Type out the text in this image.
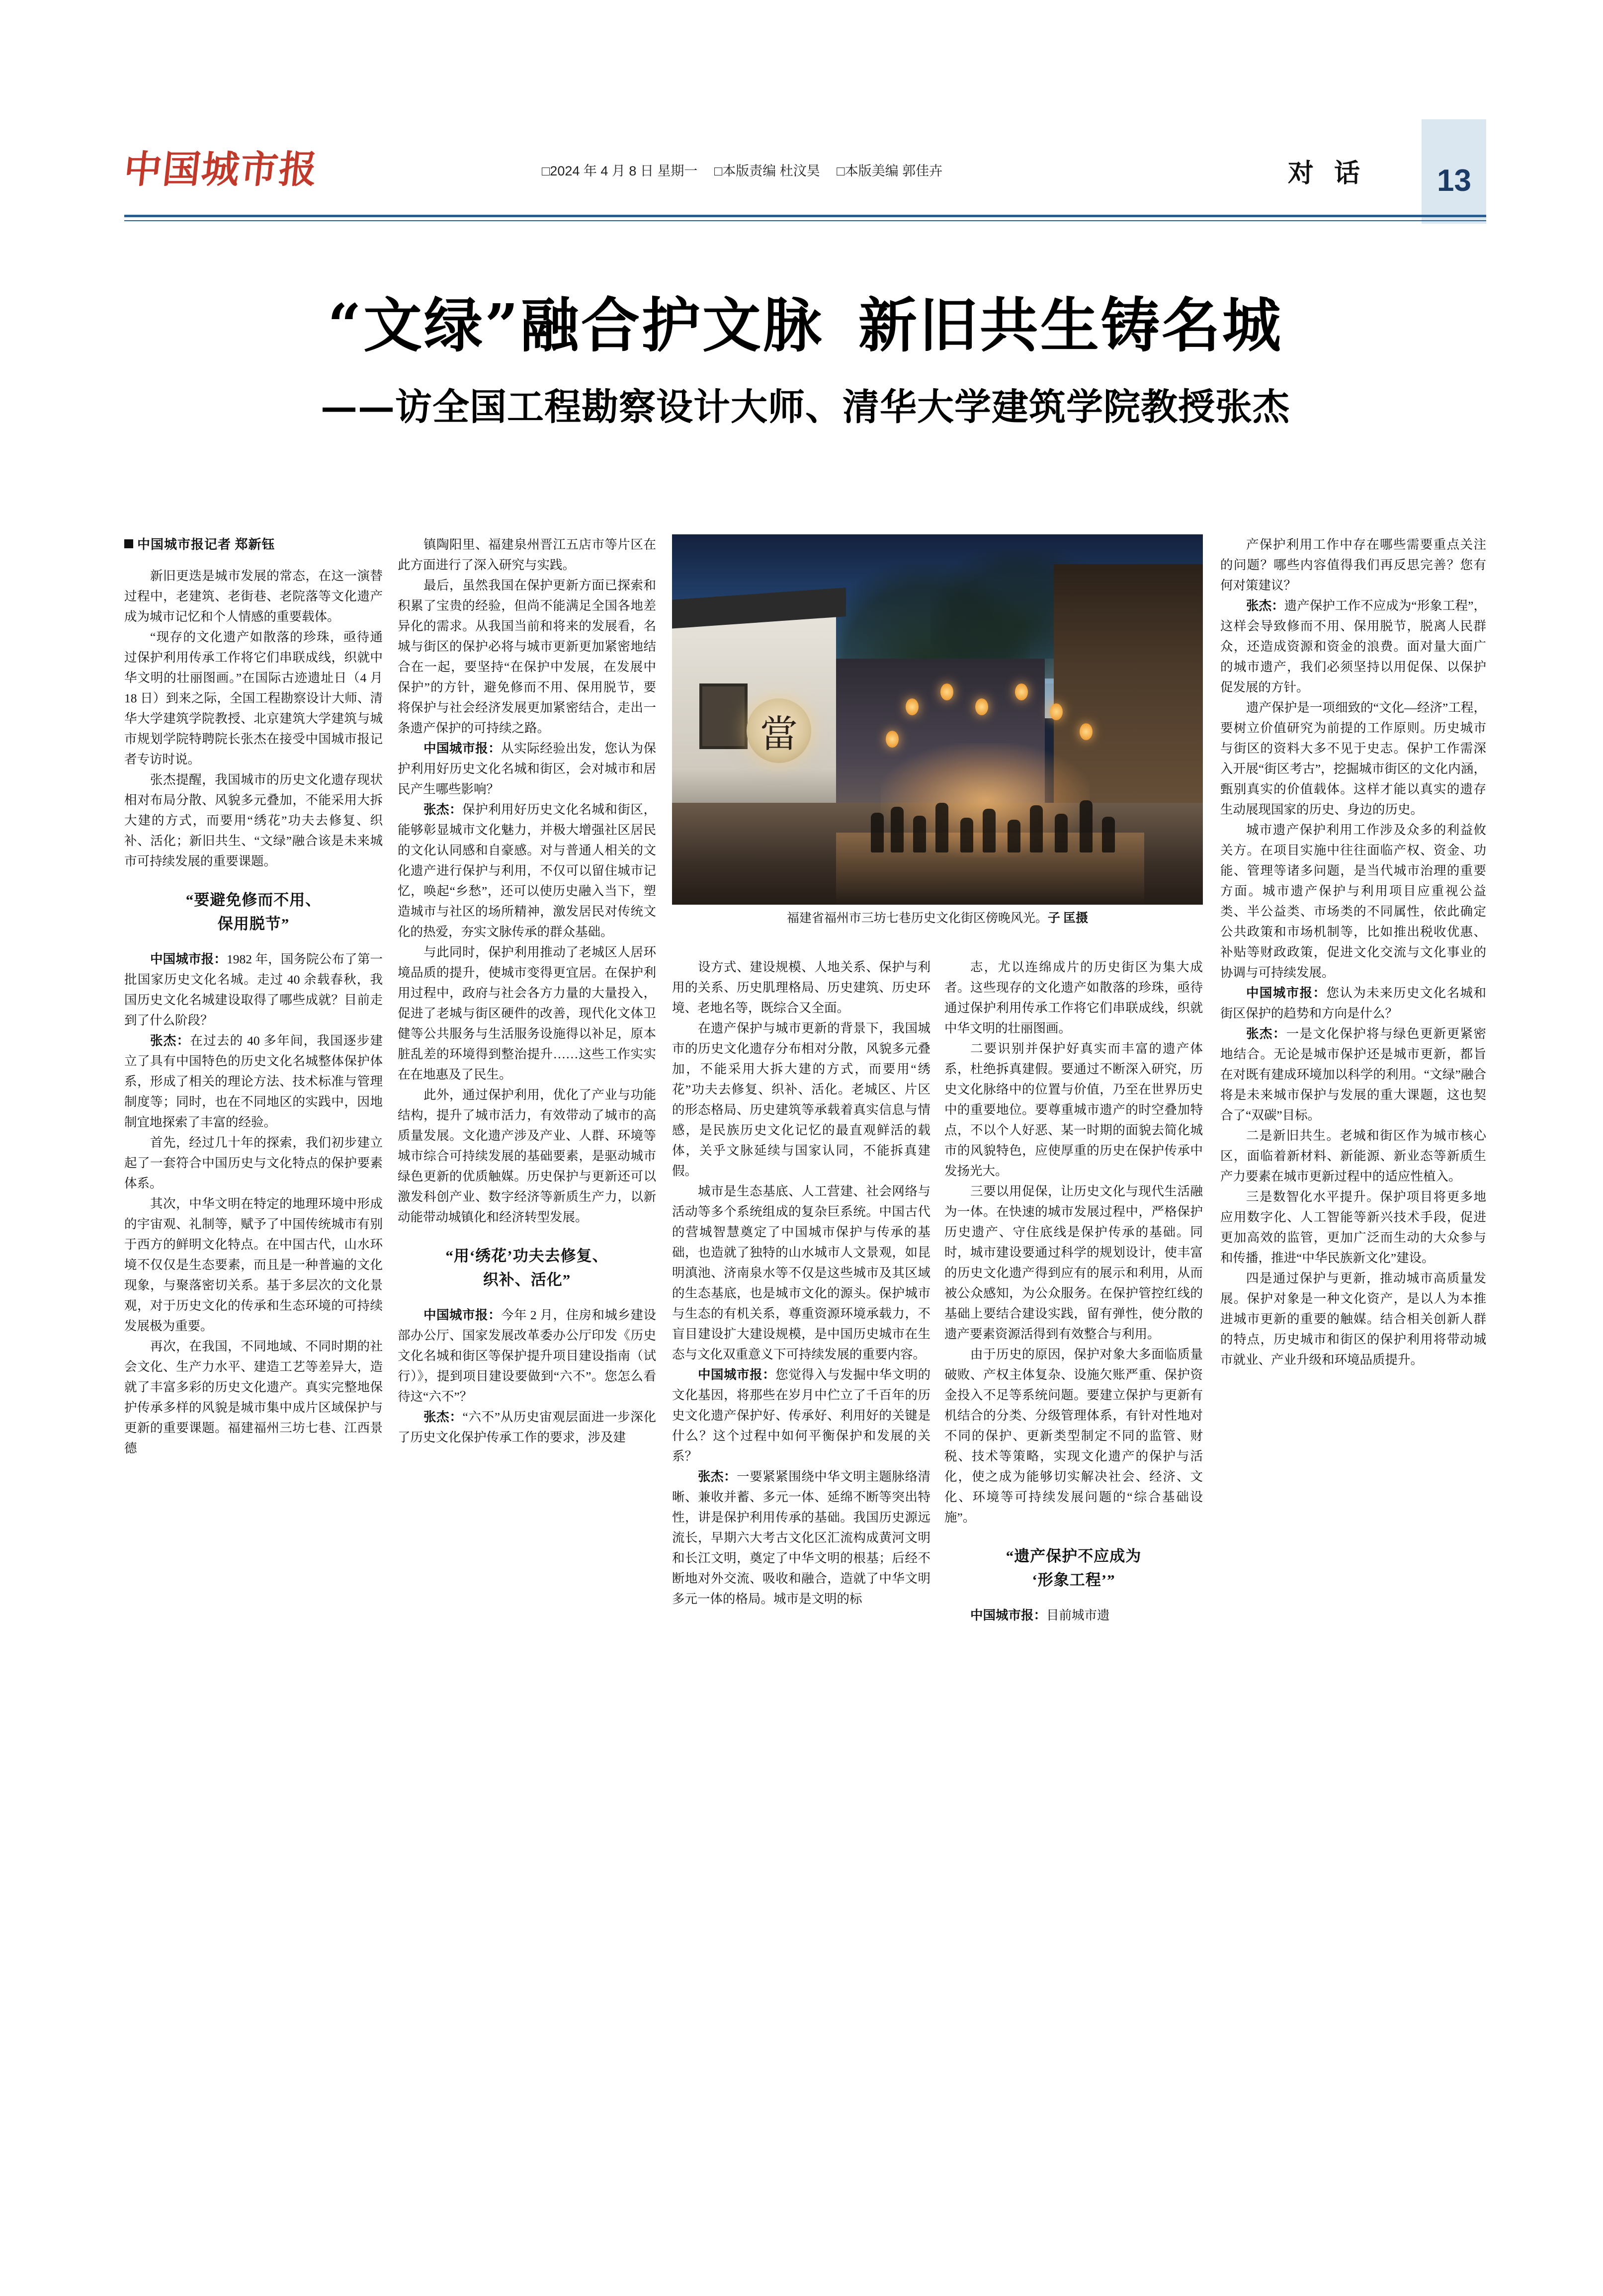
中国城市报	□2024 年 4 月 8 日 星期一 □本版责编 杜汶昊 □本版美编 郭佳卉	对 话 13
“文绿”融合护文脉 新旧共生铸名城
——访全国工程勘察设计大师、清华大学建筑学院教授张杰
當
福建省福州市三坊七巷历史文化街区傍晚风光。子 匡摄
中国城市报记者 郑新钰

新旧更迭是城市发展的常态，在这一演替过程中，老建筑、老街巷、老院落等文化遗产成为城市记忆和个人情感的重要载体。

“现存的文化遗产如散落的珍珠，亟待通过保护利用传承工作将它们串联成线，织就中华文明的壮丽图画。”在国际古迹遗址日（4 月 18 日）到来之际，全国工程勘察设计大师、清华大学建筑学院教授、北京建筑大学建筑与城市规划学院特聘院长张杰在接受中国城市报记者专访时说。

张杰提醒，我国城市的历史文化遗存现状相对布局分散、风貌多元叠加，不能采用大拆大建的方式，而要用“绣花”功夫去修复、织补、活化；新旧共生、“文绿”融合该是未来城市可持续发展的重要课题。

“要避免修而不用、
保用脱节”

中国城市报：1982 年，国务院公布了第一批国家历史文化名城。走过 40 余载春秋，我国历史文化名城建设取得了哪些成就？目前走到了什么阶段？

张杰：在过去的 40 多年间，我国逐步建立了具有中国特色的历史文化名城整体保护体系，形成了相关的理论方法、技术标准与管理制度等；同时，也在不同地区的实践中，因地制宜地探索了丰富的经验。

首先，经过几十年的探索，我们初步建立起了一套符合中国历史与文化特点的保护要素体系。

其次，中华文明在特定的地理环境中形成的宇宙观、礼制等，赋予了中国传统城市有别于西方的鲜明文化特点。在中国古代，山水环境不仅仅是生态要素，而且是一种普遍的文化现象，与聚落密切关系。基于多层次的文化景观，对于历史文化的传承和生态环境的可持续发展极为重要。

再次，在我国，不同地域、不同时期的社会文化、生产力水平、建造工艺等差异大，造就了丰富多彩的历史文化遗产。真实完整地保护传承多样的风貌是城市集中成片区域保护与更新的重要课题。福建福州三坊七巷、江西景德

镇陶阳里、福建泉州晋江五店市等片区在此方面进行了深入研究与实践。

最后，虽然我国在保护更新方面已探索和积累了宝贵的经验，但尚不能满足全国各地差异化的需求。从我国当前和将来的发展看，名城与街区的保护必将与城市更新更加紧密地结合在一起，要坚持“在保护中发展，在发展中保护”的方针，避免修而不用、保用脱节，要将保护与社会经济发展更加紧密结合，走出一条遗产保护的可持续之路。

中国城市报：从实际经验出发，您认为保护利用好历史文化名城和街区，会对城市和居民产生哪些影响？

张杰：保护利用好历史文化名城和街区，能够彰显城市文化魅力，并极大增强社区居民的文化认同感和自豪感。对与普通人相关的文化遗产进行保护与利用，不仅可以留住城市记忆，唤起“乡愁”，还可以使历史融入当下，塑造城市与社区的场所精神，激发居民对传统文化的热爱，夯实文脉传承的群众基础。

与此同时，保护利用推动了老城区人居环境品质的提升，使城市变得更宜居。在保护利用过程中，政府与社会各方力量的大量投入，促进了老城与街区硬件的改善，现代化文体卫健等公共服务与生活服务设施得以补足，原本脏乱差的环境得到整治提升……这些工作实实在在地惠及了民生。

此外，通过保护利用，优化了产业与功能结构，提升了城市活力，有效带动了城市的高质量发展。文化遗产涉及产业、人群、环境等城市综合可持续发展的基础要素，是驱动城市绿色更新的优质触媒。历史保护与更新还可以激发科创产业、数字经济等新质生产力，以新动能带动城镇化和经济转型发展。

“用‘绣花’功夫去修复、
织补、活化”

中国城市报：今年 2 月，住房和城乡建设部办公厅、国家发展改革委办公厅印发《历史文化名城和街区等保护提升项目建设指南（试行）》，提到项目建设要做到“六不”。您怎么看待这“六不”？

张杰：“六不”从历史宙观层面进一步深化了历史文化保护传承工作的要求，涉及建

设方式、建设规模、人地关系、保护与利用的关系、历史肌理格局、历史建筑、历史环境、老地名等，既综合又全面。

在遗产保护与城市更新的背景下，我国城市的历史文化遗存分布相对分散，风貌多元叠加，不能采用大拆大建的方式，而要用“绣花”功夫去修复、织补、活化。老城区、片区的形态格局、历史建筑等承载着真实信息与情感，是民族历史文化记忆的最直观鲜活的载体，关乎文脉延续与国家认同，不能拆真建假。

城市是生态基底、人工营建、社会网络与活动等多个系统组成的复杂巨系统。中国古代的营城智慧奠定了中国城市保护与传承的基础，也造就了独特的山水城市人文景观，如昆明滇池、济南泉水等不仅是这些城市及其区域的生态基底，也是城市文化的源头。保护城市与生态的有机关系，尊重资源环境承载力，不盲目建设扩大建设规模，是中国历史城市在生态与文化双重意义下可持续发展的重要内容。

中国城市报：您觉得入与发掘中华文明的文化基因，将那些在岁月中伫立了千百年的历史文化遗产保护好、传承好、利用好的关键是什么？这个过程中如何平衡保护和发展的关系？

张杰：一要紧紧围绕中华文明主题脉络清晰、兼收并蓄、多元一体、延绵不断等突出特性，讲是保护利用传承的基础。我国历史源远流长，早期六大考古文化区汇流构成黄河文明和长江文明，奠定了中华文明的根基；后经不断地对外交流、吸收和融合，造就了中华文明多元一体的格局。城市是文明的标

志，尤以连绵成片的历史街区为集大成者。这些现存的文化遗产如散落的珍珠，亟待通过保护利用传承工作将它们串联成线，织就中华文明的壮丽图画。

二要识别并保护好真实而丰富的遗产体系，杜绝拆真建假。要通过不断深入研究，历史文化脉络中的位置与价值，乃至在世界历史中的重要地位。要尊重城市遗产的时空叠加特点，不以个人好恶、某一时期的面貌去简化城市的风貌特色，应使厚重的历史在保护传承中发扬光大。

三要以用促保，让历史文化与现代生活融为一体。在快速的城市发展过程中，严格保护历史遗产、守住底线是保护传承的基础。同时，城市建设要通过科学的规划设计，使丰富的历史文化遗产得到应有的展示和利用，从而被公众感知，为公众服务。在保护管控红线的基础上要结合建设实践，留有弹性，使分散的遗产要素资源活得到有效整合与利用。

由于历史的原因，保护对象大多面临质量破败、产权主体复杂、设施欠账严重、保护资金投入不足等系统问题。要建立保护与更新有机结合的分类、分级管理体系，有针对性地对不同的保护、更新类型制定不同的监管、财税、技术等策略，实现文化遗产的保护与活化，使之成为能够切实解决社会、经济、文化、环境等可持续发展问题的“综合基础设施”。

“遗产保护不应成为
‘形象工程’”

中国城市报：目前城市遗

产保护利用工作中存在哪些需要重点关注的问题？哪些内容值得我们再反思完善？您有何对策建议？

张杰：遗产保护工作不应成为“形象工程”，这样会导致修而不用、保用脱节，脱离人民群众，还造成资源和资金的浪费。面对量大面广的城市遗产，我们必须坚持以用促保、以保护促发展的方针。

遗产保护是一项细致的“文化—经济”工程，要树立价值研究为前提的工作原则。历史城市与街区的资料大多不见于史志。保护工作需深入开展“街区考古”，挖掘城市街区的文化内涵，甄别真实的价值载体。这样才能以真实的遗存生动展现国家的历史、身边的历史。

城市遗产保护利用工作涉及众多的利益攸关方。在项目实施中往往面临产权、资金、功能、管理等诸多问题，是当代城市治理的重要方面。城市遗产保护与利用项目应重视公益类、半公益类、市场类的不同属性，依此确定公共政策和市场机制等，比如推出税收优惠、补贴等财政政策，促进文化交流与文化事业的协调与可持续发展。

中国城市报：您认为未来历史文化名城和街区保护的趋势和方向是什么？

张杰：一是文化保护将与绿色更新更紧密地结合。无论是城市保护还是城市更新，都旨在对既有建成环境加以科学的利用。“文绿”融合将是未来城市保护与发展的重大课题，这也契合了“双碳”目标。

二是新旧共生。老城和街区作为城市核心区，面临着新材料、新能源、新业态等新质生产力要素在城市更新过程中的适应性植入。

三是数智化水平提升。保护项目将更多地应用数字化、人工智能等新兴技术手段，促进更加高效的监管，更加广泛而生动的大众参与和传播，推进“中华民族新文化”建设。

四是通过保护与更新，推动城市高质量发展。保护对象是一种文化资产，是以人为本推进城市更新的重要的触媒。结合相关创新人群的特点，历史城市和街区的保护利用将带动城市就业、产业升级和环境品质提升。
